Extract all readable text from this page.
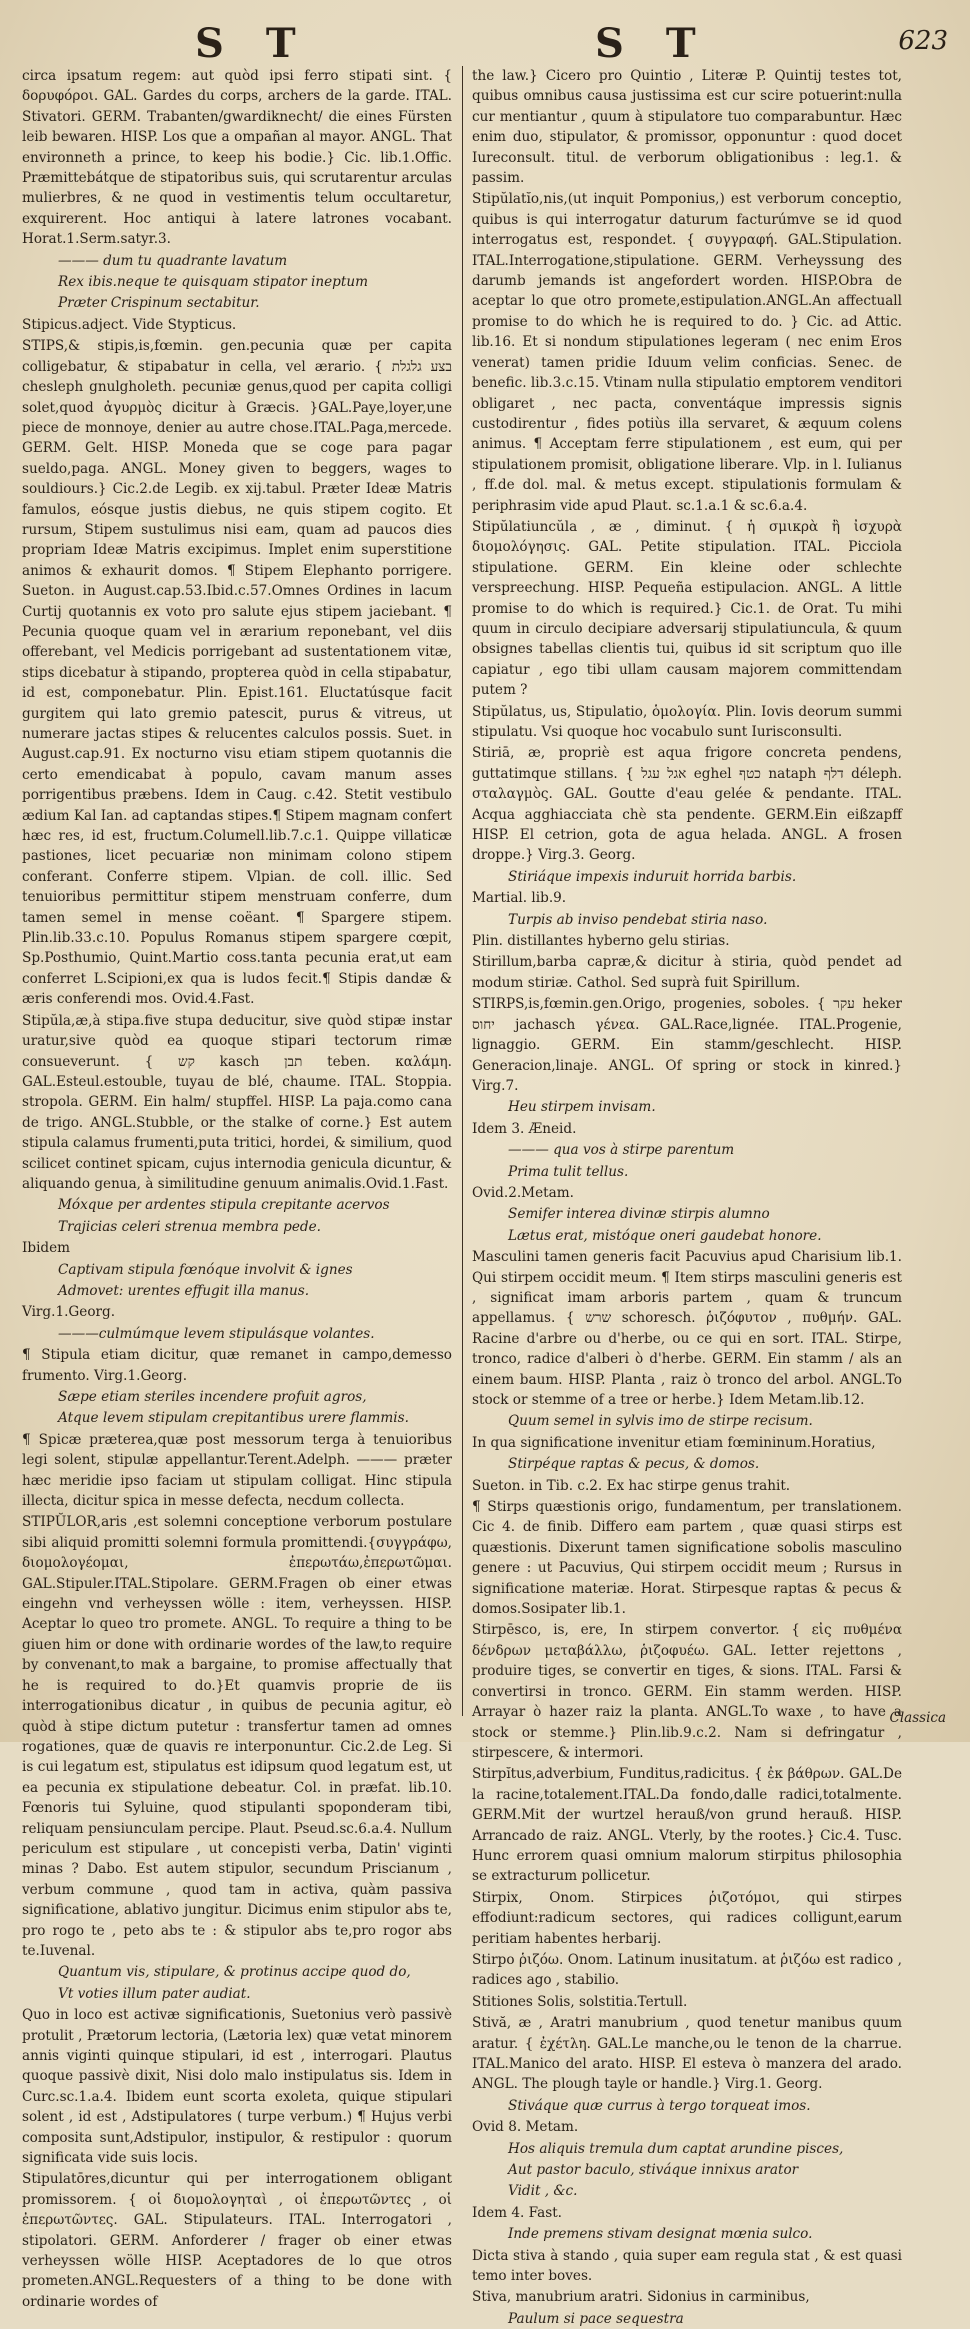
S T	S T	623

circa ipsatum regem: aut quòd ipsi ferro stipati sint. { δορυφόροι. GAL. Gardes du corps, archers de la garde. ITAL. Stivatori. GERM. Trabanten/gwardiknecht/ die eines Fürsten leib bewaren. HISP. Los que a ompañan al mayor. ANGL. That environneth a prince, to keep his bodie.} Cic. lib.1.Offic. Præmittebátque de stipatoribus suis, qui scrutarentur arculas mulierbres, & ne quod in vestimentis telum occultaretur, exquirerent. Hoc antiqui à latere latrones vocabant. Horat.1.Serm.satyr.3.

——— dum tu quadrante lavatum

Rex ibis.neque te quisquam stipator ineptum

Præter Crispinum sectabitur.

Stipicus.adject. Vide Stypticus.

STIPS,& stipis,is,fœmin. gen.pecunia quæ per capita colligebatur, & stipabatur in cella, vel ærario. { בצע גלגלת chesleph gnulgholeth. pecuniæ genus,quod per capita colligi solet,quod ἀγυρμὸς dicitur à Græcis. }GAL.Paye,loyer,une piece de monnoye, denier au autre chose.ITAL.Paga,mercede. GERM. Gelt. HISP. Moneda que se coge para pagar sueldo,paga. ANGL. Money given to beggers, wages to souldiours.} Cic.2.de Legib. ex xij.tabul. Præter Ideæ Matris famulos, eósque justis diebus, ne quis stipem cogito. Et rursum, Stipem sustulimus nisi eam, quam ad paucos dies propriam Ideæ Matris excipimus. Implet enim superstitione animos & exhaurit domos. ¶ Stipem Elephanto porrigere. Sueton. in August.cap.53.Ibid.c.57.Omnes Ordines in lacum Curtij quotannis ex voto pro salute ejus stipem jaciebant. ¶ Pecunia quoque quam vel in ærarium reponebant, vel diis offerebant, vel Medicis porrigebant ad sustentationem vitæ, stips dicebatur à stipando, propterea quòd in cella stipabatur, id est, componebatur. Plin. Epist.161. Eluctatúsque facit gurgitem qui lato gremio patescit, purus & vitreus, ut numerare jactas stipes & relucentes calculos possis. Suet. in August.cap.91. Ex nocturno visu etiam stipem quotannis die certo emendicabat à populo, cavam manum asses porrigentibus præbens. Idem in Caug. c.42. Stetit vestibulo ædium Kal Ian. ad captandas stipes.¶ Stipem magnam confert hæc res, id est, fructum.Columell.lib.7.c.1. Quippe villaticæ pastiones, licet pecuariæ non minimam colono stipem conferant. Conferre stipem. Vlpian. de coll. illic. Sed tenuioribus permittitur stipem menstruam conferre, dum tamen semel in mense coëant. ¶ Spargere stipem. Plin.lib.33.c.10. Populus Romanus stipem spargere cœpit, Sp.Posthumio, Quint.Martio coss.tanta pecunia erat,ut eam conferret L.Scipioni,ex qua is ludos fecit.¶ Stipis dandæ & æris conferendi mos. Ovid.4.Fast.

Stipŭla,æ,à stipa.five stupa deducitur, sive quòd stipæ instar uratur,sive quòd ea quoque stipari tectorum rimæ consueverunt. { קש kasch תבן teben. καλάμη. GAL.Esteul.estouble, tuyau de blé, chaume. ITAL. Stoppia. stropola. GERM. Ein halm/ stupffel. HISP. La paja.como cana de trigo. ANGL.Stubble, or the stalke of corne.} Est autem stipula calamus frumenti,puta tritici, hordei, & similium, quod scilicet continet spicam, cujus internodia genicula dicuntur, & aliquando genua, à similitudine genuum animalis.Ovid.1.Fast.

Móxque per ardentes stipula crepitante acervos

Trajicias celeri strenua membra pede.

Ibidem

Captivam stipula fœnóque involvit & ignes

Admovet: urentes effugit illa manus.

Virg.1.Georg.

———culmúmque levem stipulásque volantes.

¶ Stipula etiam dicitur, quæ remanet in campo,demesso frumento. Virg.1.Georg.

Sæpe etiam steriles incendere profuit agros,

Atque levem stipulam crepitantibus urere flammis.

¶ Spicæ præterea,quæ post messorum terga à tenuioribus legi solent, stipulæ appellantur.Terent.Adelph. ——— præter hæc meridie ipso faciam ut stipulam colligat. Hinc stipula illecta, dicitur spica in messe defecta, necdum collecta.

STIPŬLOR,aris ,est solemni conceptione verborum postulare sibi aliquid promitti solemni formula promittendi.{συγγράφω, διομολογέομαι, ἐπερωτάω,ἐπερωτῶμαι. GAL.Stipuler.ITAL.Stipolare. GERM.Fragen ob einer etwas eingehn vnd verheyssen wölle : item, verheyssen. HISP. Aceptar lo queo tro promete. ANGL. To require a thing to be giuen him or done with ordinarie wordes of the law,to require by convenant,to mak a bargaine, to promise affectually that he is required to do.}Et quamvis proprie de iis interrogationibus dicatur , in quibus de pecunia agitur, eò quòd à stipe dictum putetur : transfertur tamen ad omnes rogationes, quæ de quavis re interponuntur. Cic.2.de Leg. Si is cui legatum est, stipulatus est idipsum quod legatum est, ut ea pecunia ex stipulatione debeatur. Col. in præfat. lib.10. Fœnoris tui Syluine, quod stipulanti spoponderam tibi, reliquam pensiunculam percipe. Plaut. Pseud.sc.6.a.4. Nullum periculum est stipulare , ut concepisti verba, Datin' viginti minas ? Dabo. Est autem stipulor, secundum Priscianum , verbum commune , quod tam in activa, quàm passiva significatione, ablativo jungitur. Dicimus enim stipulor abs te, pro rogo te , peto abs te : & stipulor abs te,pro rogor abs te.Iuvenal.

Quantum vis, stipulare, & protinus accipe quod do,

Vt voties illum pater audiat.

Quo in loco est activæ significationis, Suetonius verò passivè protulit , Prætorum lectoria, (Lætoria lex) quæ vetat minorem annis viginti quinque stipulari, id est , interrogari. Plautus quoque passivè dixit, Nisi dolo malo instipulatus sis. Idem in Curc.sc.1.a.4. Ibidem eunt scorta exoleta, quique stipulari solent , id est , Adstipulatores ( turpe verbum.) ¶ Hujus verbi composita sunt,Adstipulor, instipulor, & restipulor : quorum significata vide suis locis.

Stipulatōres,dicuntur qui per interrogationem obligant promissorem. { οἱ διομολογηταὶ , οἱ ἐπερωτῶντες , οἱ ἐπερωτῶντες. GAL. Stipulateurs. ITAL. Interrogatori , stipolatori. GERM. Anforderer / frager ob einer etwas verheyssen wölle HISP. Aceptadores de lo que otros prometen.ANGL.Requesters of a thing to be done with ordinarie wordes of

the law.} Cicero pro Quintio , Literæ P. Quintij testes tot, quibus omnibus causa justissima est cur scire potuerint:nulla cur mentiantur , quum à stipulatore tuo comparabuntur. Hæc enim duo, stipulator, & promissor, opponuntur : quod docet Iureconsult. titul. de verborum obligationibus : leg.1. & passim.

Stipŭlatĭo,nis,(ut inquit Pomponius,) est verborum conceptio, quibus is qui interrogatur daturum facturúmve se id quod interrogatus est, respondet. { συγγραφή. GAL.Stipulation. ITAL.Interrogatione,stipulatione. GERM. Verheyssung des darumb jemands ist angefordert worden. HISP.Obra de aceptar lo que otro promete,estipulation.ANGL.An affectuall promise to do which he is required to do. } Cic. ad Attic. lib.16. Et si nondum stipulationes legeram ( nec enim Eros venerat) tamen pridie Iduum velim conficias. Senec. de benefic. lib.3.c.15. Vtinam nulla stipulatio emptorem venditori obligaret , nec pacta, conventáque impressis signis custodirentur , fides potiùs illa servaret, & æquum colens animus. ¶ Acceptam ferre stipulationem , est eum, qui per stipulationem promisit, obligatione liberare. Vlp. in l. Iulianus , ff.de dol. mal. & metus except. stipulationis formulam & periphrasim vide apud Plaut. sc.1.a.1 & sc.6.a.4.

Stipŭlatiuncŭla , æ , diminut. { ἡ σμικρὰ ἢ ἰσχυρὰ διομολόγησις. GAL. Petite stipulation. ITAL. Picciola stipulatione. GERM. Ein kleine oder schlechte verspreechung. HISP. Pequeña estipulacion. ANGL. A little promise to do which is required.} Cic.1. de Orat. Tu mihi quum in circulo decipiare adversarij stipulatiuncula, & quum obsignes tabellas clientis tui, quibus id sit scriptum quo ille capiatur , ego tibi ullam causam majorem committendam putem ?

Stipŭlatus, us, Stipulatio, ὁμολογία. Plin. Iovis deorum summi stipulatu. Vsi quoque hoc vocabulo sunt Iurisconsulti.

Stiriā, æ, propriè est aqua frigore concreta pendens, guttatimque stillans. { אגל עגל eghel כטף nataph דלף déleph. σταλαγμὸς. GAL. Goutte d'eau gelée & pendante. ITAL. Acqua agghiacciata chè sta pendente. GERM.Ein eißzapff HISP. El cetrion, gota de agua helada. ANGL. A frosen droppe.} Virg.3. Georg.

Stiriáque impexis induruit horrida barbis.

Martial. lib.9.

Turpis ab inviso pendebat stiria naso.

Plin. distillantes hyberno gelu stirias.

Stirillum,barba capræ,& dicitur à stiria, quòd pendet ad modum stiriæ. Cathol. Sed suprà fuit Spirillum.

STIRPS,is,fœmin.gen.Origo, progenies, soboles. { עקר heker יחוס jachasch γένεα. GAL.Race,lignée. ITAL.Progenie, lignaggio. GERM. Ein stamm/geschlecht. HISP. Generacion,linaje. ANGL. Of spring or stock in kinred.} Virg.7.

Heu stirpem invisam.

Idem 3. Æneid.

——— qua vos à stirpe parentum

Prima tulit tellus.

Ovid.2.Metam.

Semifer interea divinæ stirpis alumno

Lætus erat, mistóque oneri gaudebat honore.

Masculini tamen generis facit Pacuvius apud Charisium lib.1. Qui stirpem occidit meum. ¶ Item stirps masculini generis est , significat imam arboris partem , quam & truncum appellamus. { שרש schoresch. ῥιζόφυτον , πυθμήν. GAL. Racine d'arbre ou d'herbe, ou ce qui en sort. ITAL. Stirpe, tronco, radice d'alberi ò d'herbe. GERM. Ein stamm / als an einem baum. HISP. Planta , raiz ò tronco del arbol. ANGL.To stock or stemme of a tree or herbe.} Idem Metam.lib.12.

Quum semel in sylvis imo de stirpe recisum.

In qua significatione invenitur etiam fœmininum.Horatius,

Stirpéque raptas & pecus, & domos.

Sueton. in Tib. c.2. Ex hac stirpe genus trahit.

¶ Stirps quæstionis origo, fundamentum, per translationem. Cic 4. de finib. Differo eam partem , quæ quasi stirps est quæstionis. Dixerunt tamen significatione sobolis masculino genere : ut Pacuvius, Qui stirpem occidit meum ; Rursus in significatione materiæ. Horat. Stirpesque raptas & pecus & domos.Sosipater lib.1.

Stirpēsco, is, ere, In stirpem convertor. { εἰς πυθμένα δένδρων μεταβάλλω, ῥιζοφυέω. GAL. Ietter rejettons , produire tiges, se convertir en tiges, & sions. ITAL. Farsi & convertirsi in tronco. GERM. Ein stamm werden. HISP. Arrayar ò hazer raiz la planta. ANGL.To waxe , to have a stock or stemme.} Plin.lib.9.c.2. Nam si defringatur , stirpescere, & intermori.

Stirpĭtus,adverbium, Funditus,radicitus. { ἐκ βάθρων. GAL.De la racine,totalement.ITAL.Da fondo,dalle radici,totalmente. GERM.Mit der wurtzel herauß/von grund herauß. HISP. Arrancado de raiz. ANGL. Vterly, by the rootes.} Cic.4. Tusc. Hunc errorem quasi omnium malorum stirpitus philosophia se extracturum pollicetur.

Stirpix, Onom. Stirpices ῥιζοτόμοι, qui stirpes effodiunt:radicum sectores, qui radices colligunt,earum peritiam habentes herbarij.

Stirpo ῥιζόω. Onom. Latinum inusitatum. at ῥιζόω est radico , radices ago , stabilio.

Stitiones Solis, solstitia.Tertull.

Stivă, æ , Aratri manubrium , quod tenetur manibus quum aratur. { ἐχέτλη. GAL.Le manche,ou le tenon de la charrue. ITAL.Manico del arato. HISP. El esteva ò manzera del arado. ANGL. The plough tayle or handle.} Virg.1. Georg.

Stiváque quæ currus à tergo torqueat imos.

Ovid 8. Metam.

Hos aliquis tremula dum captat arundine pisces,

Aut pastor baculo, stiváque innixus arator

Vidit , &c.

Idem 4. Fast.

Inde premens stivam designat mœnia sulco.

Dicta stiva à stando , quia super eam regula stat , & est quasi temo inter boves.

Stiva, manubrium aratri. Sidonius in carminibus,

Paulum si pace sequestra

Classica
